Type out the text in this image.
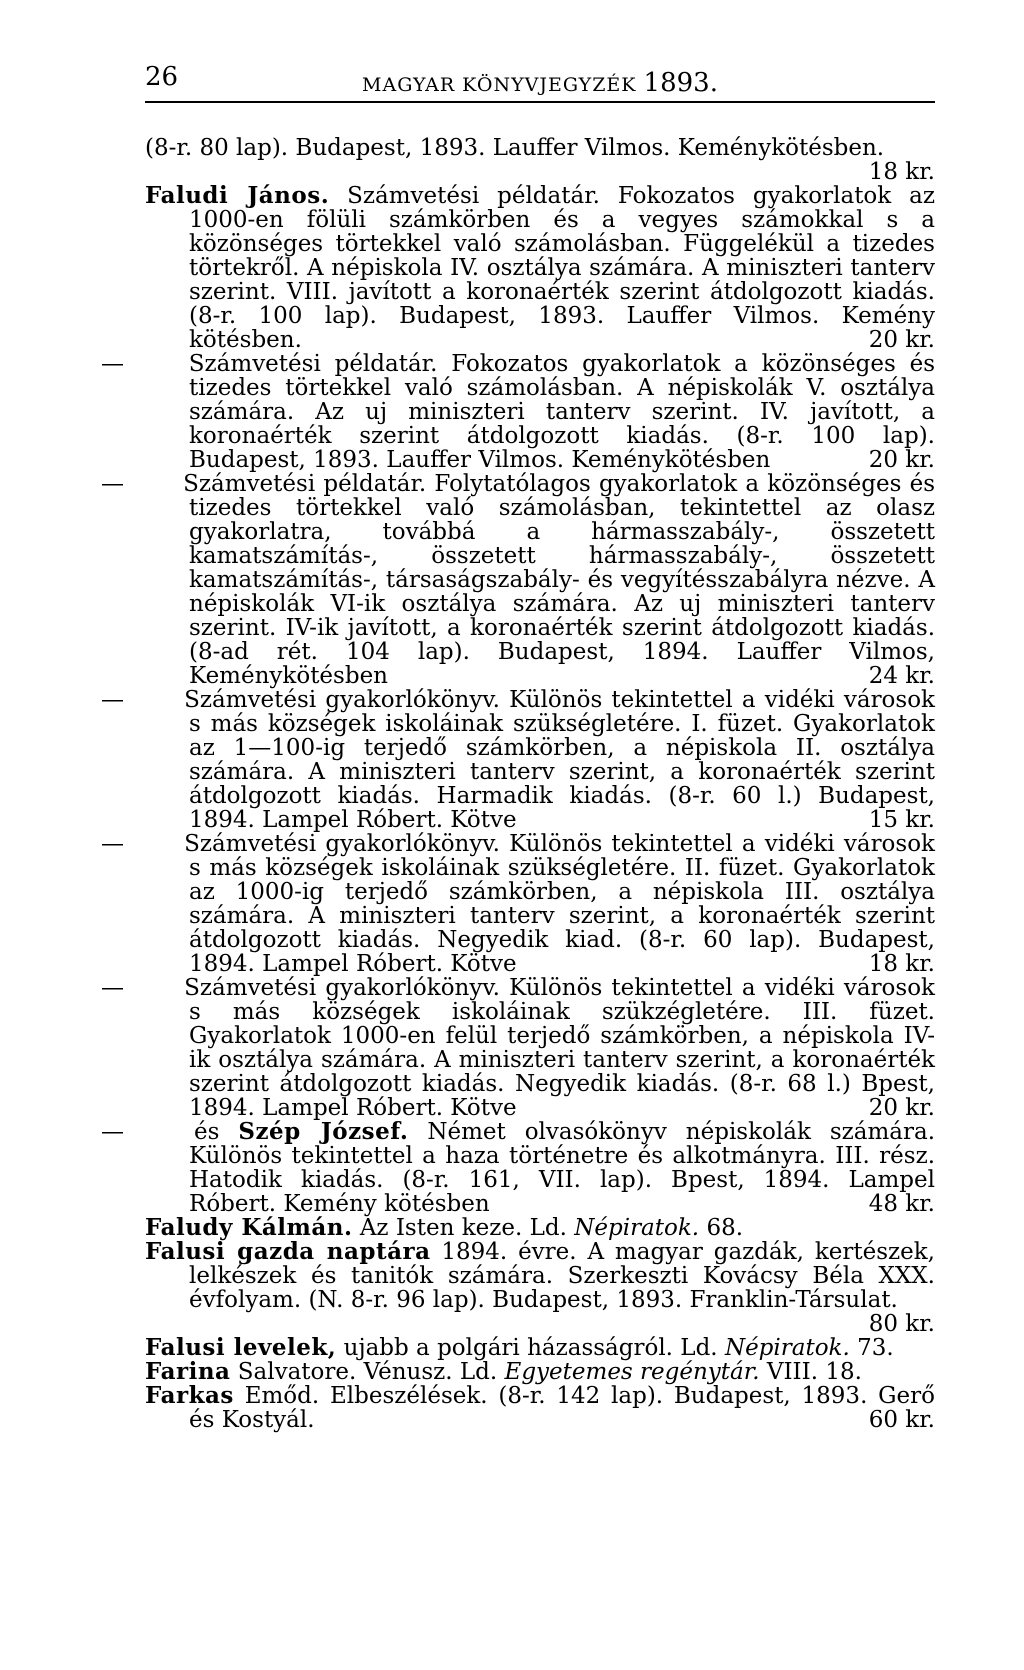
26	MAGYAR KÖNYVJEGYZÉK 1893.

(8-r. 80 lap). Budapest, 1893. Lauffer Vilmos. Keménykötésben.
18 kr.

Faludi János. Számvetési példatár. Fokozatos gyakorlatok az 1000-en fölüli számkörben és a vegyes számokkal s a közönséges törtekkel való számolásban. Függelékül a tizedes törtekről. A népiskola IV. osztálya számára. A miniszteri tanterv szerint. VIII. javított a koronaérték szerint átdolgozott kiadás. (8-r. 100 lap). Budapest, 1893. Lauffer Vilmos. Kemény kötésben.	20 kr.

—	Számvetési példatár. Fokozatos gyakorlatok a közönséges és tizedes törtekkel való számolásban. A népiskolák V. osztálya számára. Az uj miniszteri tanterv szerint. IV. javított, a koronaérték szerint átdolgozott kiadás. (8-r. 100 lap). Budapest, 1893. Lauffer Vilmos. Keménykötésben	20 kr.

—	Számvetési példatár. Folytatólagos gyakorlatok a közönséges és tizedes törtekkel való számolásban, tekintettel az olasz gyakorlatra, továbbá a hármasszabály-, összetett kamatszámítás-, összetett hármasszabály-, összetett kamatszámítás-, társaságszabály- és vegyítésszabályra nézve. A népiskolák VI-ik osztálya számára. Az uj miniszteri tanterv szerint. IV-ik javított, a koronaérték szerint átdolgozott kiadás. (8-ad rét. 104 lap). Budapest, 1894. Lauffer Vilmos, Keménykötésben	24 kr.

—	Számvetési gyakorlókönyv. Különös tekintettel a vidéki városok s más községek iskoláinak szükségletére. I. füzet. Gyakorlatok az 1—100-ig terjedő számkörben, a népiskola II. osztálya számára. A miniszteri tanterv szerint, a koronaérték szerint átdolgozott kiadás. Harmadik kiadás. (8-r. 60 l.) Budapest, 1894. Lampel Róbert. Kötve	15 kr.

—	Számvetési gyakorlókönyv. Különös tekintettel a vidéki városok s más községek iskoláinak szükségletére. II. füzet. Gyakorlatok az 1000-ig terjedő számkörben, a népiskola III. osztálya számára. A miniszteri tanterv szerint, a koronaérték szerint átdolgozott kiadás. Negyedik kiad. (8-r. 60 lap). Budapest, 1894. Lampel Róbert. Kötve	18 kr.

—	Számvetési gyakorlókönyv. Különös tekintettel a vidéki városok s más községek iskoláinak szükzégletére. III. füzet. Gyakorlatok 1000-en felül terjedő számkörben, a népiskola IV-ik osztálya számára. A miniszteri tanterv szerint, a koronaérték szerint átdolgozott kiadás. Negyedik kiadás. (8-r. 68 l.) Bpest, 1894. Lampel Róbert. Kötve	20 kr.

—	és Szép József. Német olvasókönyv népiskolák számára. Különös tekintettel a haza történetre és alkotmányra. III. rész. Hatodik kiadás. (8-r. 161, VII. lap). Bpest, 1894. Lampel Róbert. Kemény kötésben	48 kr.

Faludy Kálmán. Az Isten keze. Ld. Népiratok. 68.

Falusi gazda naptára 1894. évre. A magyar gazdák, kertészek, lelkészek és tanitók számára. Szerkeszti Kovácsy Béla XXX. évfolyam. (N. 8-r. 96 lap). Budapest, 1893. Franklin-Társulat.
80 kr.

Falusi levelek, ujabb a polgári házasságról. Ld. Népiratok. 73.

Farina Salvatore. Vénusz. Ld. Egyetemes regénytár. VIII. 18.

Farkas Emőd. Elbeszélések. (8-r. 142 lap). Budapest, 1893. Gerő és Kostyál.	60 kr.
